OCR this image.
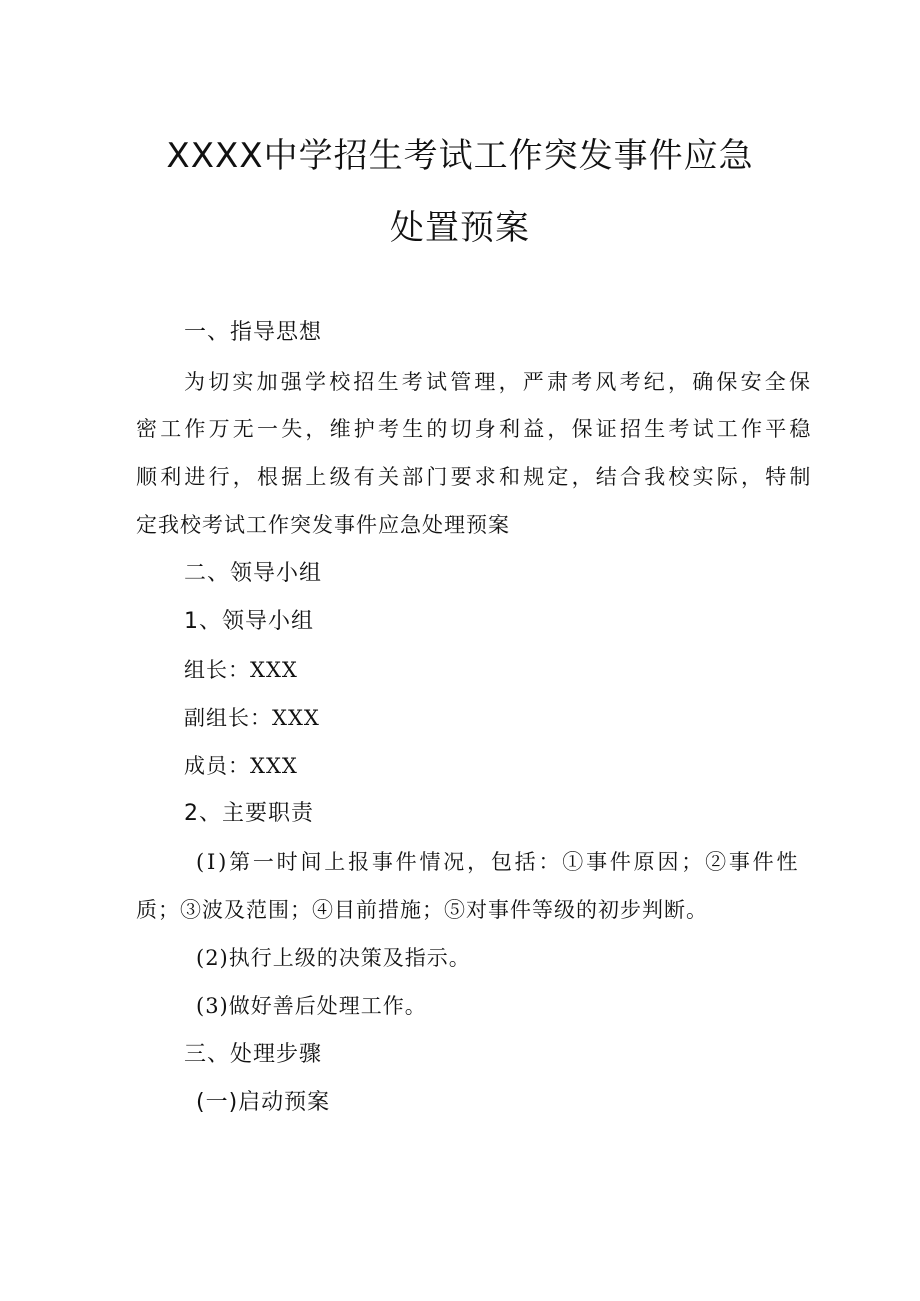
XXXX中学招生考试工作突发事件应急
处置预案
一、指导思想
为切实加强学校招生考试管理，严肃考风考纪，确保安全保
密工作万无一失，维护考生的切身利益，保证招生考试工作平稳
顺利进行，根据上级有关部门要求和规定，结合我校实际，特制
定我校考试工作突发事件应急处理预案
二、领导小组
1、领导小组
组长：XXX
副组长：XXX
成员：XXX
2、主要职责
(I)第一时间上报事件情况，包括：①事件原因；②事件性
质；③波及范围；④目前措施；⑤对事件等级的初步判断。
(2)执行上级的决策及指示。
(3)做好善后处理工作。
三、处理步骤
(一)启动预案
